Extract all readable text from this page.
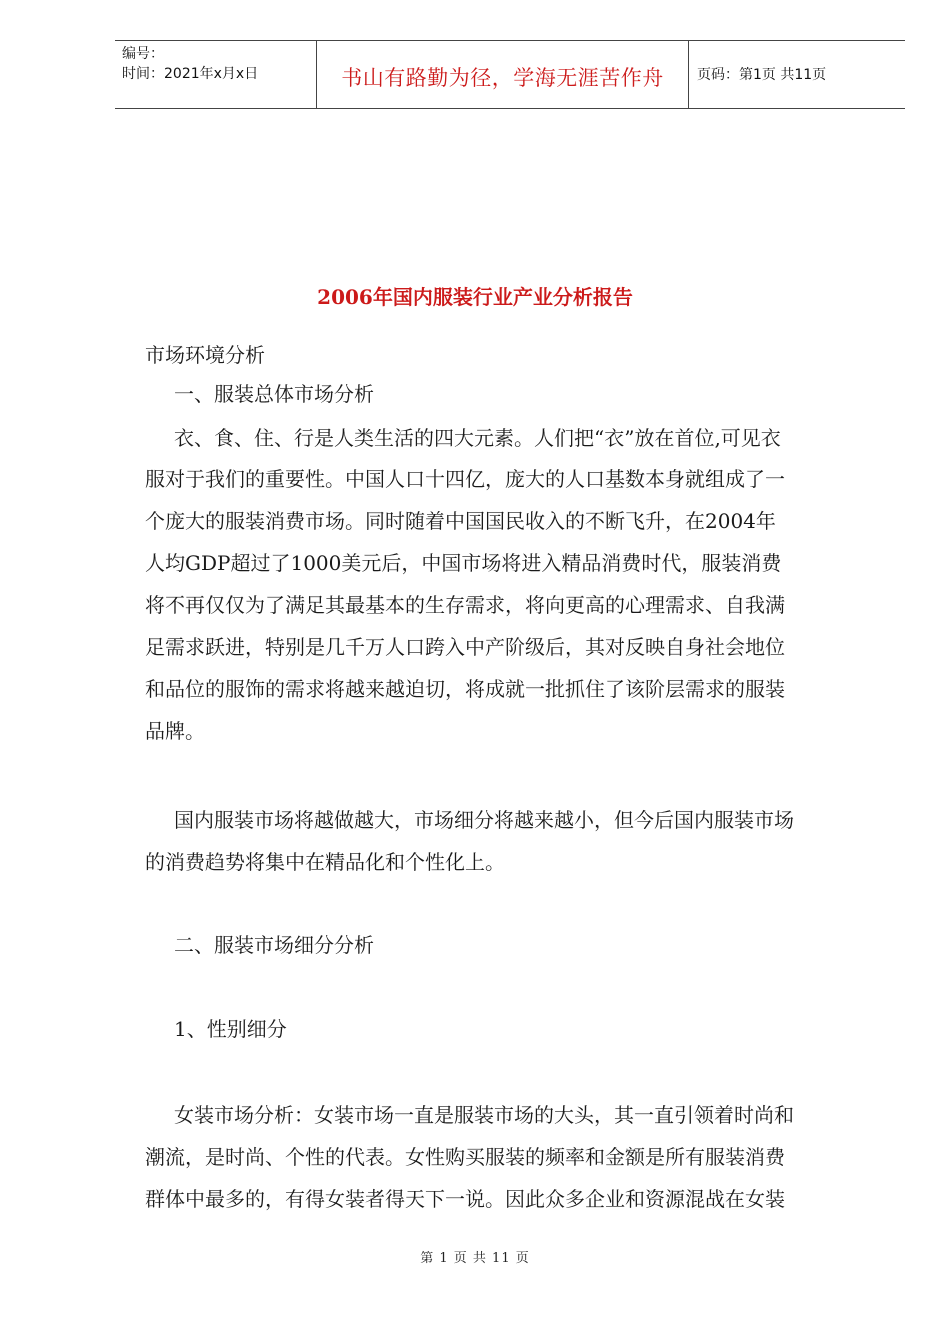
编号：
时间：2021年x月x日	书山有路勤为径，学海无涯苦作舟	页码：第1页 共11页
2006年国内服装行业产业分析报告
市场环境分析
一、服装总体市场分析
衣、食、住、行是人类生活的四大元素。人们把“衣”放在首位,可见衣
服对于我们的重要性。中国人口十四亿，庞大的人口基数本身就组成了一
个庞大的服装消费市场。同时随着中国国民收入的不断飞升，在2004年
人均GDP超过了1000美元后，中国市场将进入精品消费时代，服装消费
将不再仅仅为了满足其最基本的生存需求，将向更高的心理需求、自我满
足需求跃进，特别是几千万人口跨入中产阶级后，其对反映自身社会地位
和品位的服饰的需求将越来越迫切，将成就一批抓住了该阶层需求的服装
品牌。
国内服装市场将越做越大，市场细分将越来越小，但今后国内服装市场
的消费趋势将集中在精品化和个性化上。
二、服装市场细分分析
1、性别细分
女装市场分析：女装市场一直是服装市场的大头，其一直引领着时尚和
潮流，是时尚、个性的代表。女性购买服装的频率和金额是所有服装消费
群体中最多的，有得女装者得天下一说。因此众多企业和资源混战在女装
第 1 页 共 11 页
